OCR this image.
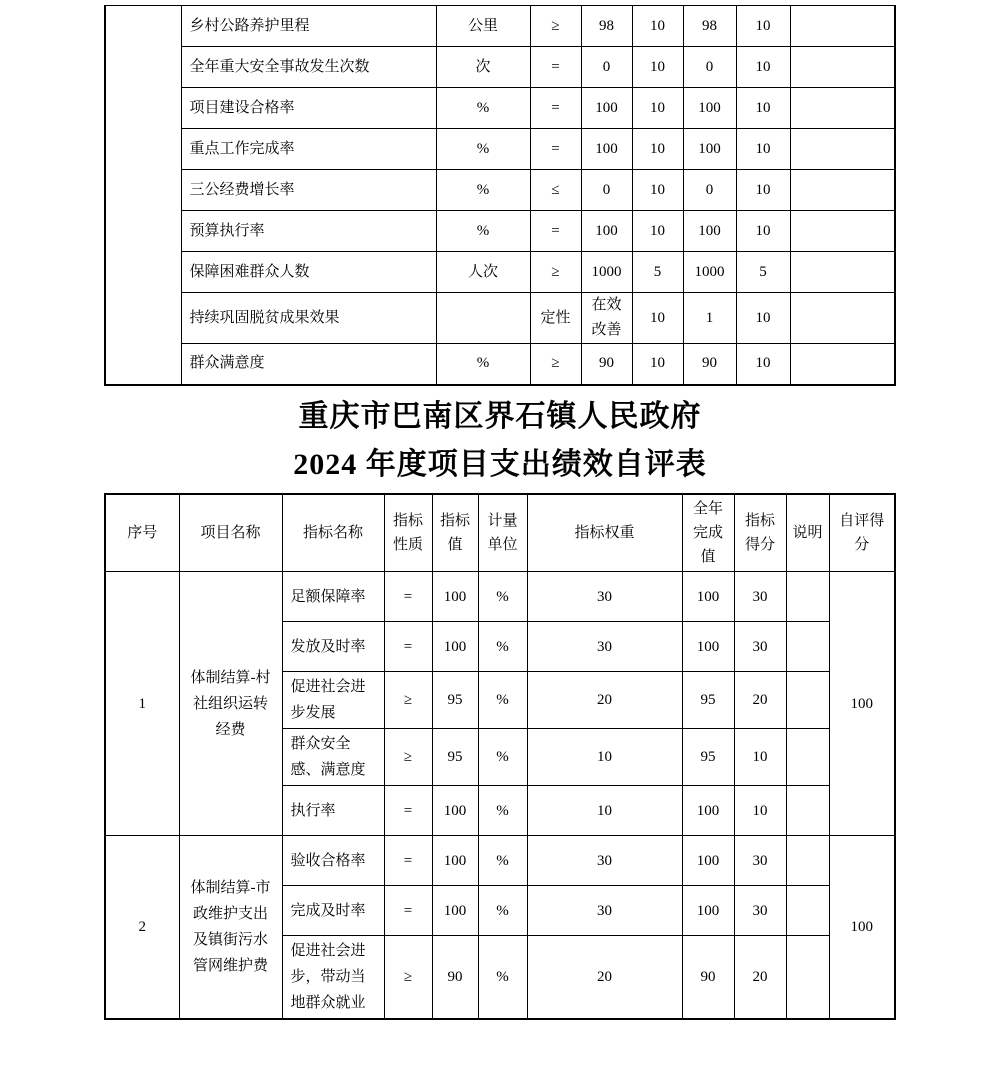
	乡村公路养护里程	公里	≥	98	10	98	10	
	全年重大安全事故发生次数	次	=	0	10	0	10	
	项目建设合格率	%	=	100	10	100	10	
	重点工作完成率	%	=	100	10	100	10	
	三公经费增长率	%	≤	0	10	0	10	
	预算执行率	%	=	100	10	100	10	
	保障困难群众人数	人次	≥	1000	5	1000	5	
	持续巩固脱贫成果效果		定性	在效改善	10	1	10	
	群众满意度	%	≥	90	10	90	10	
重庆市巴南区界石镇人民政府
2024 年度项目支出绩效自评表
序号	项目名称	指标名称	指标性质	指标值	计量单位	指标权重	全年完成值	指标得分	说明	自评得分
1	体制结算-村社组织运转经费	足额保障率	=	100	%	30	100	30		100
		发放及时率	=	100	%	30	100	30		
		促进社会进步发展	≥	95	%	20	95	20		
		群众安全感、满意度	≥	95	%	10	95	10		
		执行率	=	100	%	10	100	10		
2	体制结算-市政维护支出及镇街污水管网维护费	验收合格率	=	100	%	30	100	30		100
		完成及时率	=	100	%	30	100	30		
		促进社会进步，带动当地群众就业	≥	90	%	20	90	20		
